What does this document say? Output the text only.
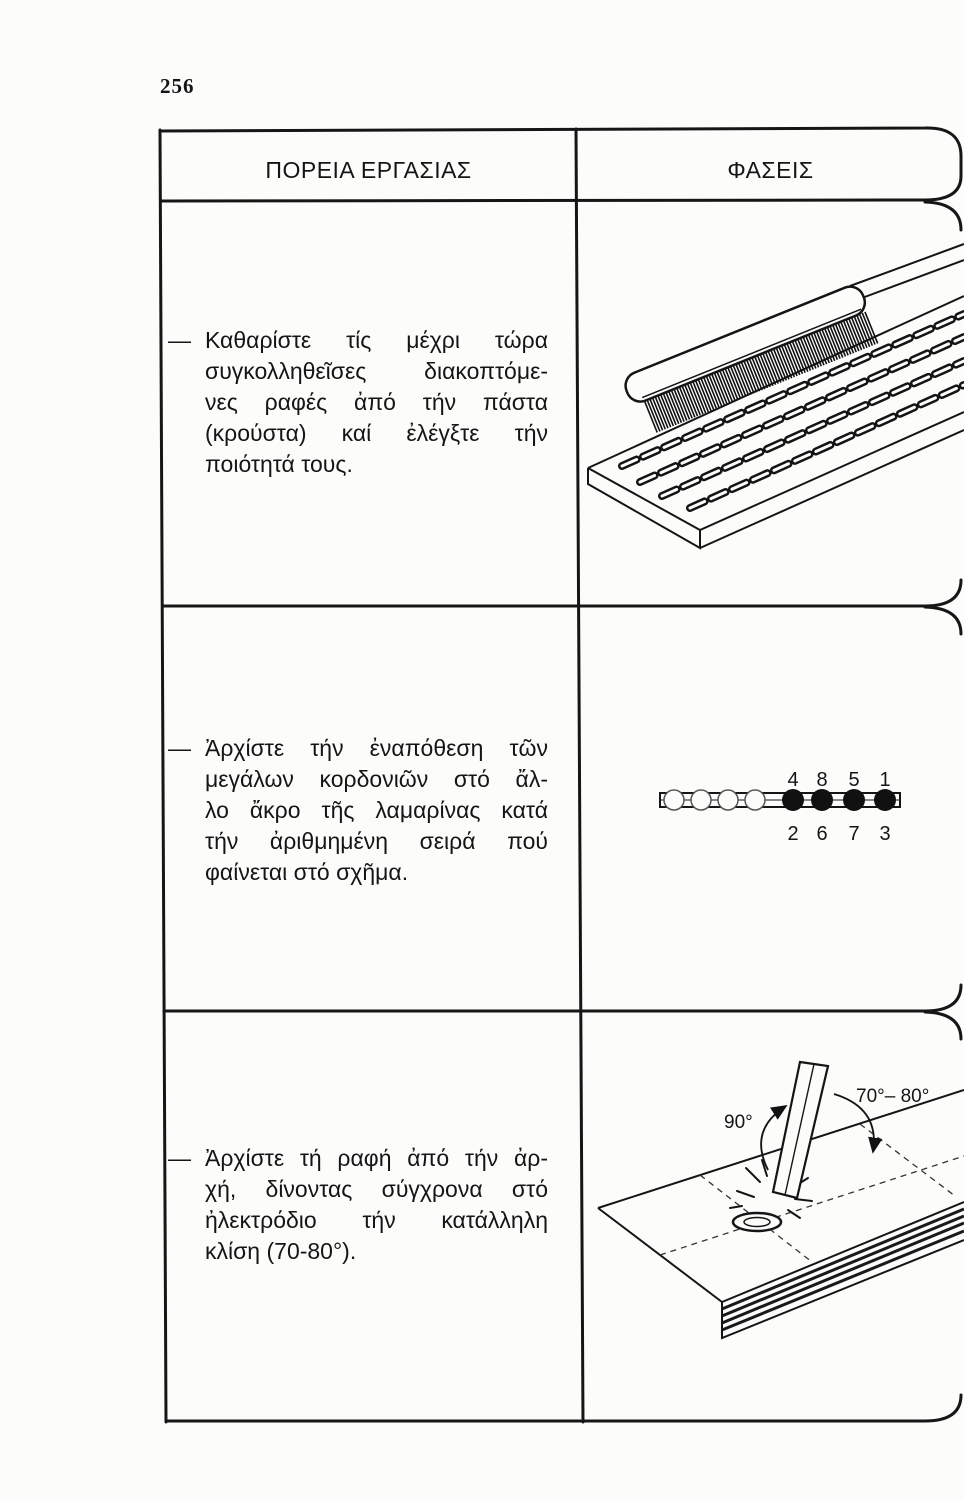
256
4 8 5 1
2 6 7 3
90°
70°– 80°
ΠΟΡΕΙΑ ΕΡΓΑΣΙΑΣ	ΦΑΣΕΙΣ
— Καθαρίστε τίς μέχρι τώρα
συγκολληθεῖσες διακοπτόμε-
νες ραφές ἀπό τήν πάστα
(κρούστα) καί ἐλέγξτε τήν
ποιότητά τους.
— Ἀρχίστε τήν ἐναπόθεση τῶν
μεγάλων κορδονιῶν στό ἄλ-
λο ἄκρο τῆς λαμαρίνας κατά
τήν ἀριθμημένη σειρά πού
φαίνεται στό σχῆμα.
— Ἀρχίστε τή ραφή ἀπό τήν ἀρ-
χή, δίνοντας σύγχρονα στό
ἠλεκτρόδιο τήν κατάλληλη
κλίση (70-80°).
